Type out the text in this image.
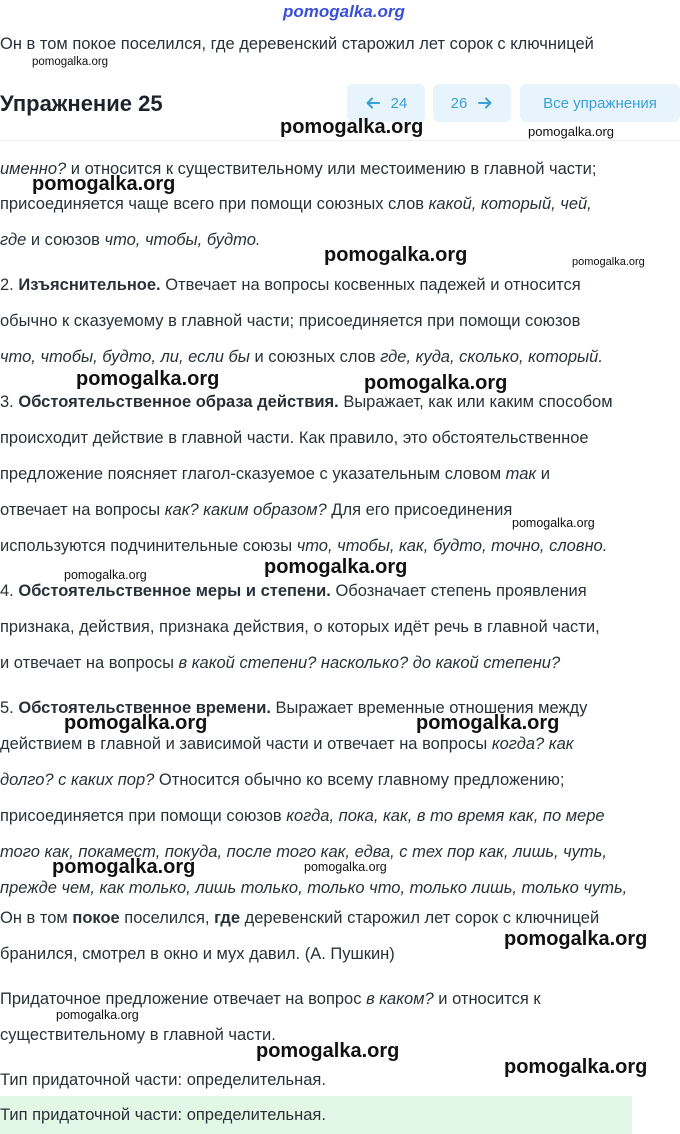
pomogalka.org
Он в том покое поселился, где деревенский старожил лет сорок с ключницей
Упражнение 25	24	26	Все упражнения
именно? и относится к существительному или местоимению в главной части;
присоединяется чаще всего при помощи союзных слов какой, который, чей,
где и союзов что, чтобы, будто.
2. Изъяснительное. Отвечает на вопросы косвенных падежей и относится
обычно к сказуемому в главной части; присоединяется при помощи союзов
что, чтобы, будто, ли, если бы и союзных слов где, куда, сколько, который.
3. Обстоятельственное образа действия. Выражает, как или каким способом
происходит действие в главной части. Как правило, это обстоятельственное
предложение поясняет глагол-сказуемое с указательным словом так и
отвечает на вопросы как? каким образом? Для его присоединения
используются подчинительные союзы что, чтобы, как, будто, точно, словно.
4. Обстоятельственное меры и степени. Обозначает степень проявления
признака, действия, признака действия, о которых идёт речь в главной части,
и отвечает на вопросы в какой степени? насколько? до какой степени?
5. Обстоятельственное времени. Выражает временные отношения между
действием в главной и зависимой части и отвечает на вопросы когда? как
долго? с каких пор? Относится обычно ко всему главному предложению;
присоединяется при помощи союзов когда, пока, как, в то время как, по мере
того как, покамест, покуда, после того как, едва, с тех пор как, лишь, чуть,
прежде чем, как только, лишь только, только что, только лишь, только чуть,
Он в том покое поселился, где деревенский старожил лет сорок с ключницей
бранился, смотрел в окно и мух давил. (А. Пушкин)
Придаточное предложение отвечает на вопрос в каком? и относится к
существительному в главной части.
Тип придаточной части: определительная.
Тип придаточной части: определительная.
pomogalka.org
pomogalka.org	pomogalka.org
pomogalka.org
pomogalka.org	pomogalka.org
pomogalka.org	pomogalka.org
pomogalka.org
pomogalka.org	pomogalka.org
pomogalka.org	pomogalka.org
pomogalka.org	pomogalka.org
pomogalka.org
pomogalka.org
pomogalka.org
pomogalka.org
